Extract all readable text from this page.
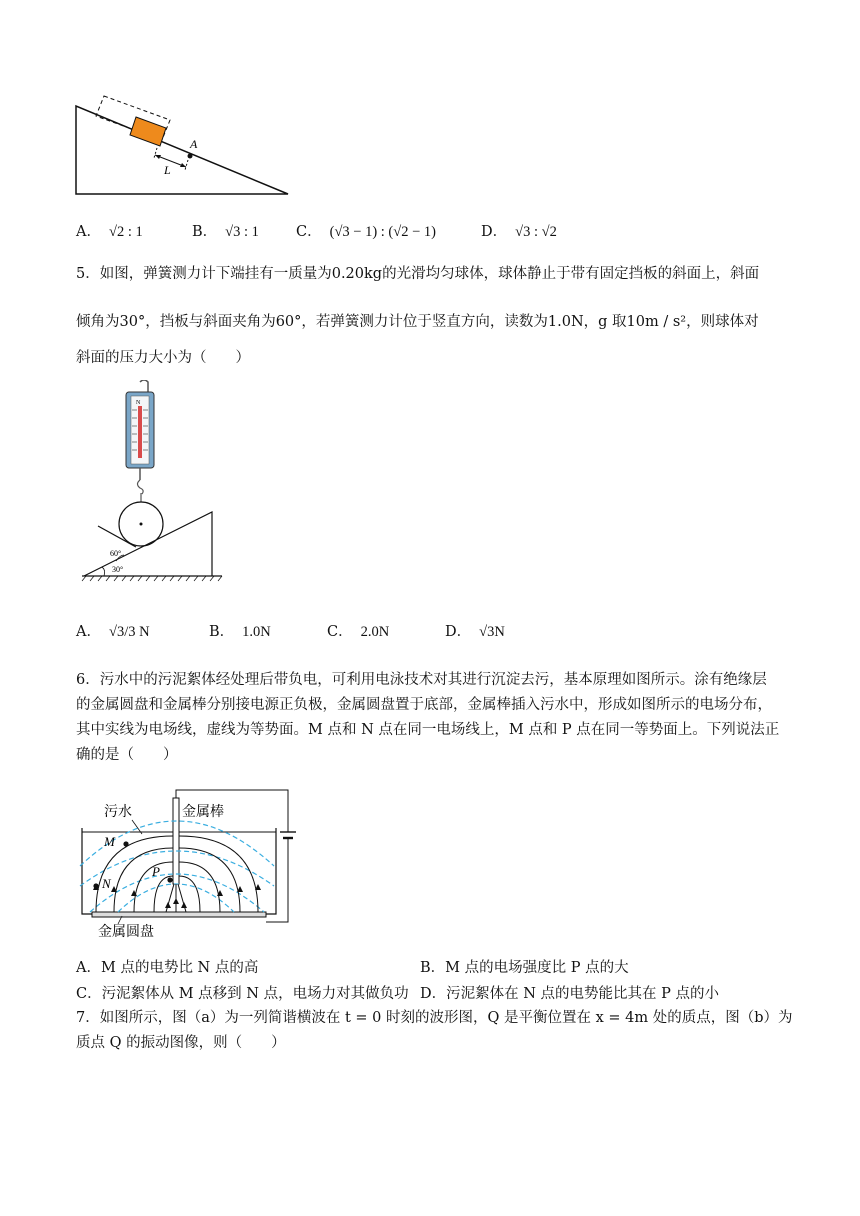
A
L
A． √2 : 1	B． √3 : 1	C． (√3 − 1) : (√2 − 1)	D． √3 : √2
5．如图，弹簧测力计下端挂有一质量为0.20kg的光滑均匀球体，球体静止于带有固定挡板的斜面上，斜面
倾角为30°，挡板与斜面夹角为60°，若弹簧测力计位于竖直方向，读数为1.0N，g 取10m / s²，则球体对
斜面的压力大小为（　　）
N
60°
30°
A． √3/3 N	B． 1.0N	C． 2.0N	D． √3N
6．污水中的污泥絮体经处理后带负电，可利用电泳技术对其进行沉淀去污，基本原理如图所示。涂有绝缘层
的金属圆盘和金属棒分别接电源正负极，金属圆盘置于底部，金属棒插入污水中，形成如图所示的电场分布，
其中实线为电场线，虚线为等势面。M 点和 N 点在同一电场线上，M 点和 P 点在同一等势面上。下列说法正
确的是（　　）
M
N
P
污水	金属棒
金属圆盘
A．M 点的电势比 N 点的高	B．M 点的电场强度比 P 点的大
C．污泥絮体从 M 点移到 N 点，电场力对其做负功 D．污泥絮体在 N 点的电势能比其在 P 点的小
7．如图所示，图（a）为一列简谐横波在 t = 0 时刻的波形图，Q 是平衡位置在 x = 4m 处的质点，图（b）为
质点 Q 的振动图像，则（　　）
